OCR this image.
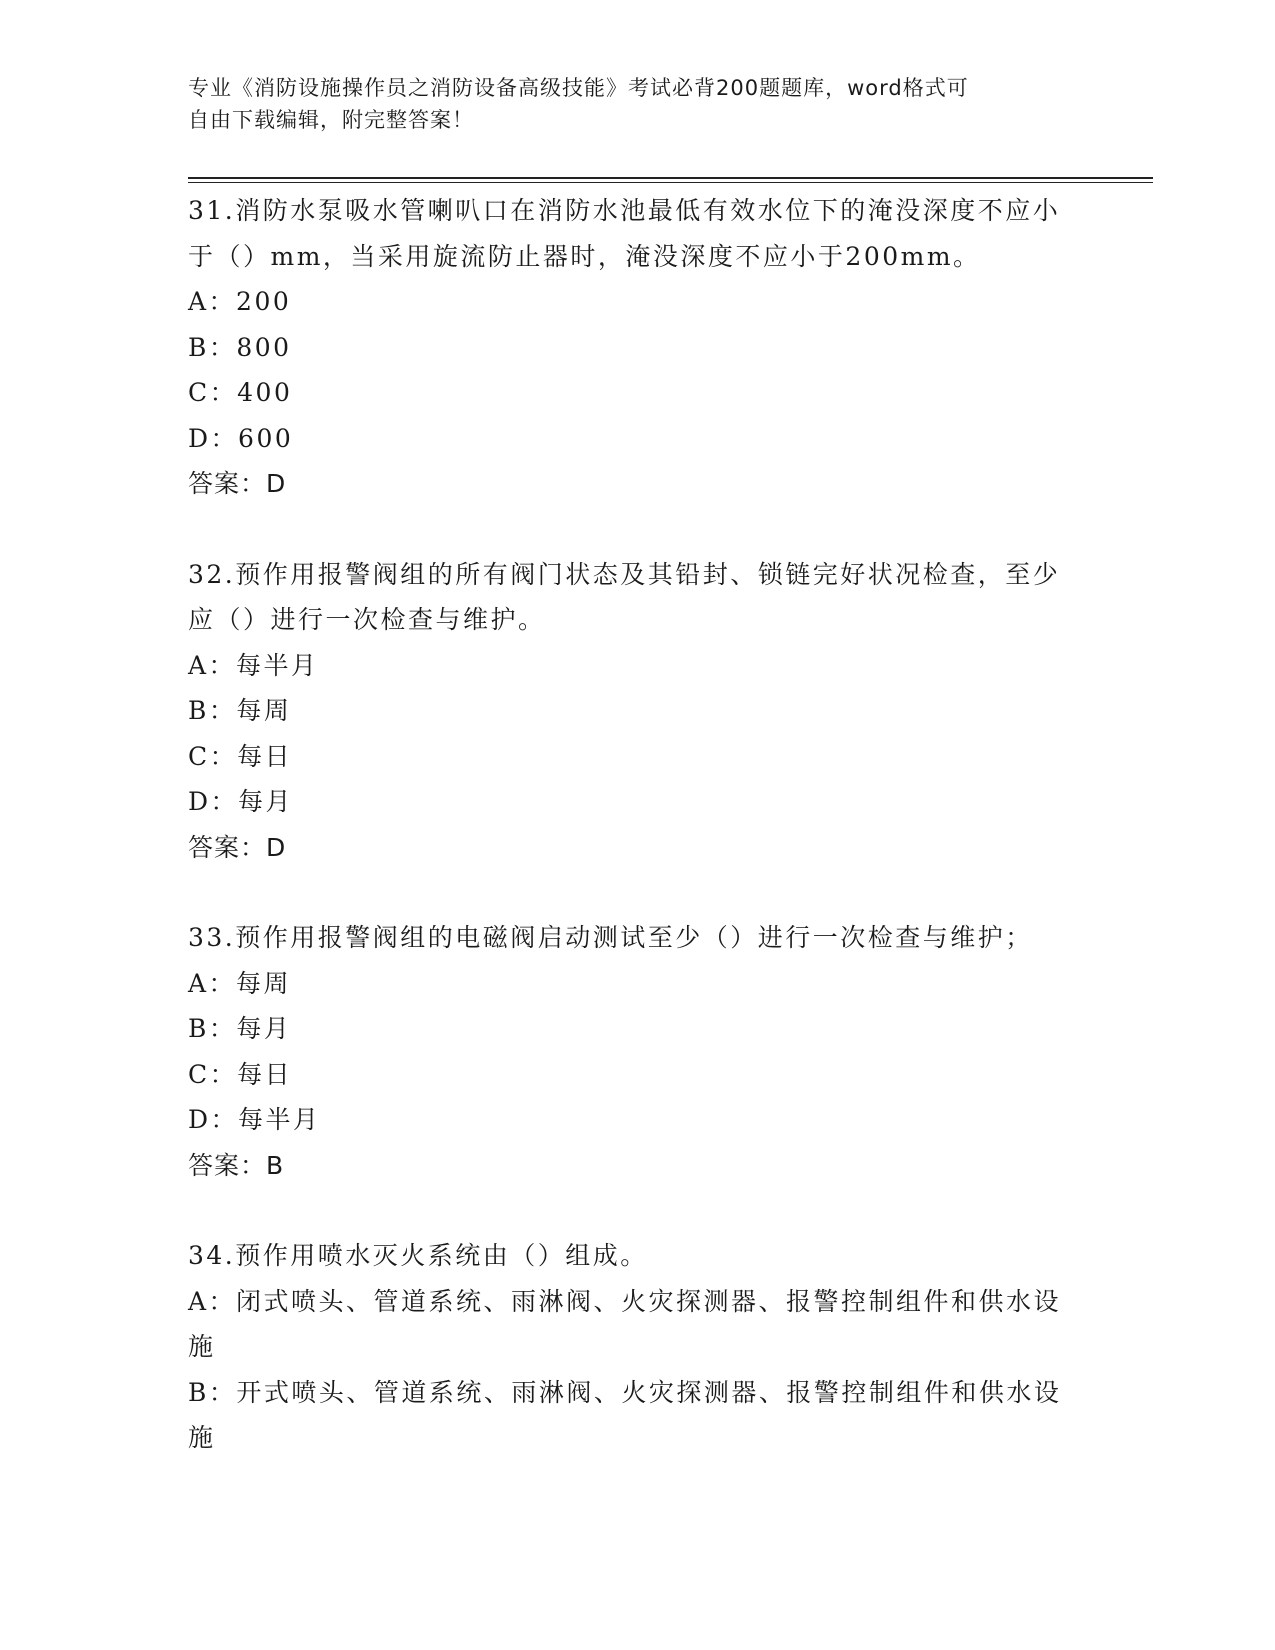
专业《消防设施操作员之消防设备高级技能》考试必背200题题库，word格式可
自由下载编辑，附完整答案！

31.消防水泵吸水管喇叭口在消防水池最低有效水位下的淹没深度不应小于（）mm，当采用旋流防止器时，淹没深度不应小于200mm。

A：200

B：800

C：400

D：600

答案：D

32.预作用报警阀组的所有阀门状态及其铅封、锁链完好状况检查，至少应（）进行一次检查与维护。

A：每半月

B：每周

C：每日

D：每月

答案：D

33.预作用报警阀组的电磁阀启动测试至少（）进行一次检查与维护；

A：每周

B：每月

C：每日

D：每半月

答案：B

34.预作用喷水灭火系统由（）组成。

A：闭式喷头、管道系统、雨淋阀、火灾探测器、报警控制组件和供水设施

B：开式喷头、管道系统、雨淋阀、火灾探测器、报警控制组件和供水设施
